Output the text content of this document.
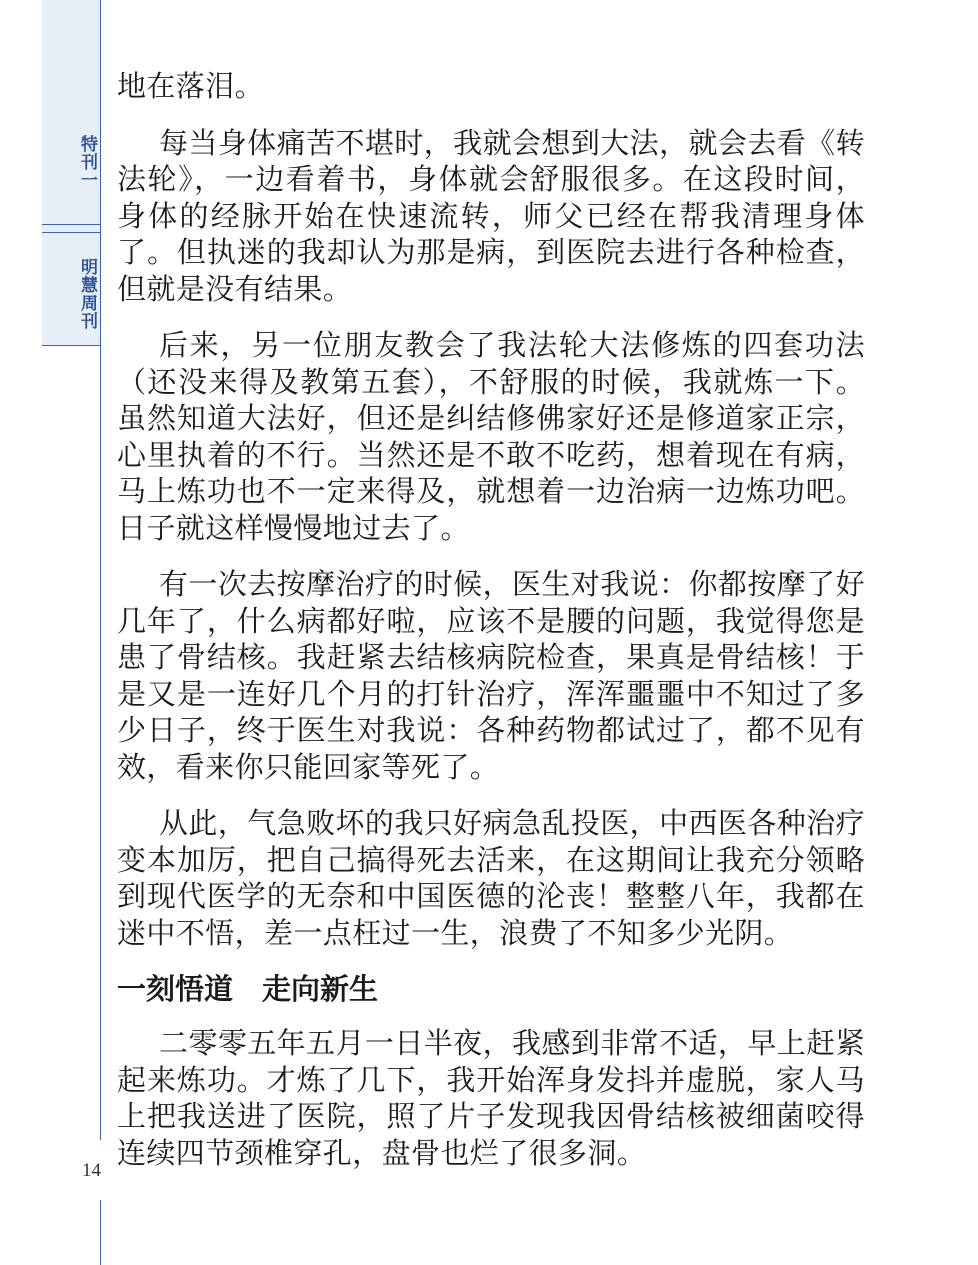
特刊一
明慧周刊
14

地在落泪。

每当身体痛苦不堪时，我就会想到大法，就会去看《转法轮》，一边看着书，身体就会舒服很多。在这段时间，身体的经脉开始在快速流转，师父已经在帮我清理身体了。但执迷的我却认为那是病，到医院去进行各种检查，但就是没有结果。

后来，另一位朋友教会了我法轮大法修炼的四套功法（还没来得及教第五套），不舒服的时候，我就炼一下。虽然知道大法好，但还是纠结修佛家好还是修道家正宗，心里执着的不行。当然还是不敢不吃药，想着现在有病，马上炼功也不一定来得及，就想着一边治病一边炼功吧。日子就这样慢慢地过去了。

有一次去按摩治疗的时候，医生对我说：你都按摩了好几年了，什么病都好啦，应该不是腰的问题，我觉得您是患了骨结核。我赶紧去结核病院检查，果真是骨结核！于是又是一连好几个月的打针治疗，浑浑噩噩中不知过了多少日子，终于医生对我说：各种药物都试过了，都不见有效，看来你只能回家等死了。

从此，气急败坏的我只好病急乱投医，中西医各种治疗变本加厉，把自己搞得死去活来，在这期间让我充分领略到现代医学的无奈和中国医德的沦丧！整整八年，我都在迷中不悟，差一点枉过一生，浪费了不知多少光阴。

一刻悟道　走向新生

二零零五年五月一日半夜，我感到非常不适，早上赶紧起来炼功。才炼了几下，我开始浑身发抖并虚脱，家人马上把我送进了医院，照了片子发现我因骨结核被细菌咬得连续四节颈椎穿孔，盘骨也烂了很多洞。
